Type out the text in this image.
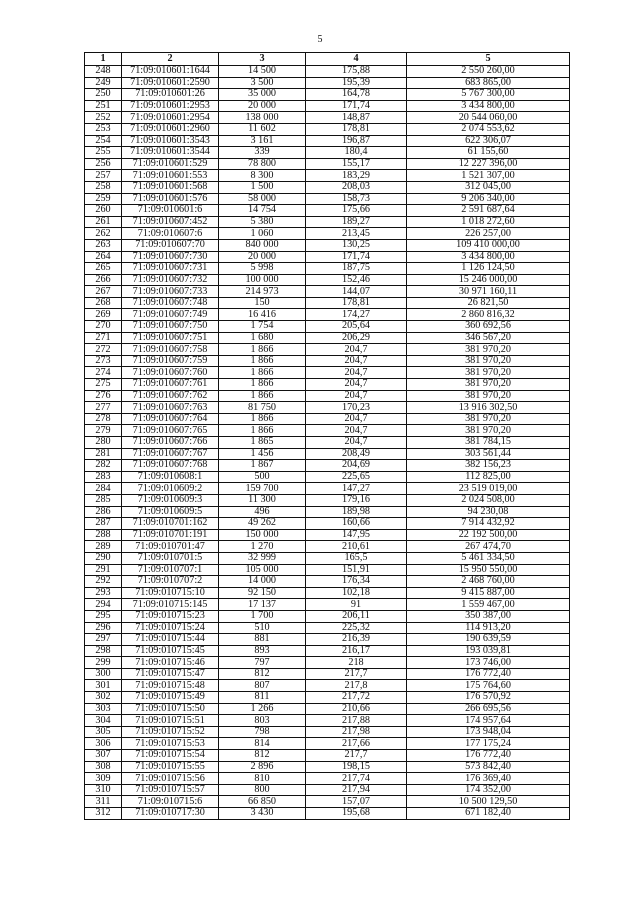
5
1	2	3	4	5
248	71:09:010601:1644	14 500	175,88	2 550 260,00
249	71:09:010601:2590	3 500	195,39	683 865,00
250	71:09:010601:26	35 000	164,78	5 767 300,00
251	71:09:010601:2953	20 000	171,74	3 434 800,00
252	71:09:010601:2954	138 000	148,87	20 544 060,00
253	71:09:010601:2960	11 602	178,81	2 074 553,62
254	71:09:010601:3543	3 161	196,87	622 306,07
255	71:09:010601:3544	339	180,4	61 155,60
256	71:09:010601:529	78 800	155,17	12 227 396,00
257	71:09:010601:553	8 300	183,29	1 521 307,00
258	71:09:010601:568	1 500	208,03	312 045,00
259	71:09:010601:576	58 000	158,73	9 206 340,00
260	71:09:010601:6	14 754	175,66	2 591 687,64
261	71:09:010607:452	5 380	189,27	1 018 272,60
262	71:09:010607:6	1 060	213,45	226 257,00
263	71:09:010607:70	840 000	130,25	109 410 000,00
264	71:09:010607:730	20 000	171,74	3 434 800,00
265	71:09:010607:731	5 998	187,75	1 126 124,50
266	71:09:010607:732	100 000	152,46	15 246 000,00
267	71:09:010607:733	214 973	144,07	30 971 160,11
268	71:09:010607:748	150	178,81	26 821,50
269	71:09:010607:749	16 416	174,27	2 860 816,32
270	71:09:010607:750	1 754	205,64	360 692,56
271	71:09:010607:751	1 680	206,29	346 567,20
272	71:09:010607:758	1 866	204,7	381 970,20
273	71:09:010607:759	1 866	204,7	381 970,20
274	71:09:010607:760	1 866	204,7	381 970,20
275	71:09:010607:761	1 866	204,7	381 970,20
276	71:09:010607:762	1 866	204,7	381 970,20
277	71:09:010607:763	81 750	170,23	13 916 302,50
278	71:09:010607:764	1 866	204,7	381 970,20
279	71:09:010607:765	1 866	204,7	381 970,20
280	71:09:010607:766	1 865	204,7	381 784,15
281	71:09:010607:767	1 456	208,49	303 561,44
282	71:09:010607:768	1 867	204,69	382 156,23
283	71:09:010608:1	500	225,65	112 825,00
284	71:09:010609:2	159 700	147,27	23 519 019,00
285	71:09:010609:3	11 300	179,16	2 024 508,00
286	71:09:010609:5	496	189,98	94 230,08
287	71:09:010701:162	49 262	160,66	7 914 432,92
288	71:09:010701:191	150 000	147,95	22 192 500,00
289	71:09:010701:47	1 270	210,61	267 474,70
290	71:09:010701:5	32 999	165,5	5 461 334,50
291	71:09:010707:1	105 000	151,91	15 950 550,00
292	71:09:010707:2	14 000	176,34	2 468 760,00
293	71:09:010715:10	92 150	102,18	9 415 887,00
294	71:09:010715:145	17 137	91	1 559 467,00
295	71:09:010715:23	1 700	206,11	350 387,00
296	71:09:010715:24	510	225,32	114 913,20
297	71:09:010715:44	881	216,39	190 639,59
298	71:09:010715:45	893	216,17	193 039,81
299	71:09:010715:46	797	218	173 746,00
300	71:09:010715:47	812	217,7	176 772,40
301	71:09:010715:48	807	217,8	175 764,60
302	71:09:010715:49	811	217,72	176 570,92
303	71:09:010715:50	1 266	210,66	266 695,56
304	71:09:010715:51	803	217,88	174 957,64
305	71:09:010715:52	798	217,98	173 948,04
306	71:09:010715:53	814	217,66	177 175,24
307	71:09:010715:54	812	217,7	176 772,40
308	71:09:010715:55	2 896	198,15	573 842,40
309	71:09:010715:56	810	217,74	176 369,40
310	71:09:010715:57	800	217,94	174 352,00
311	71:09:010715:6	66 850	157,07	10 500 129,50
312	71:09:010717:30	3 430	195,68	671 182,40
